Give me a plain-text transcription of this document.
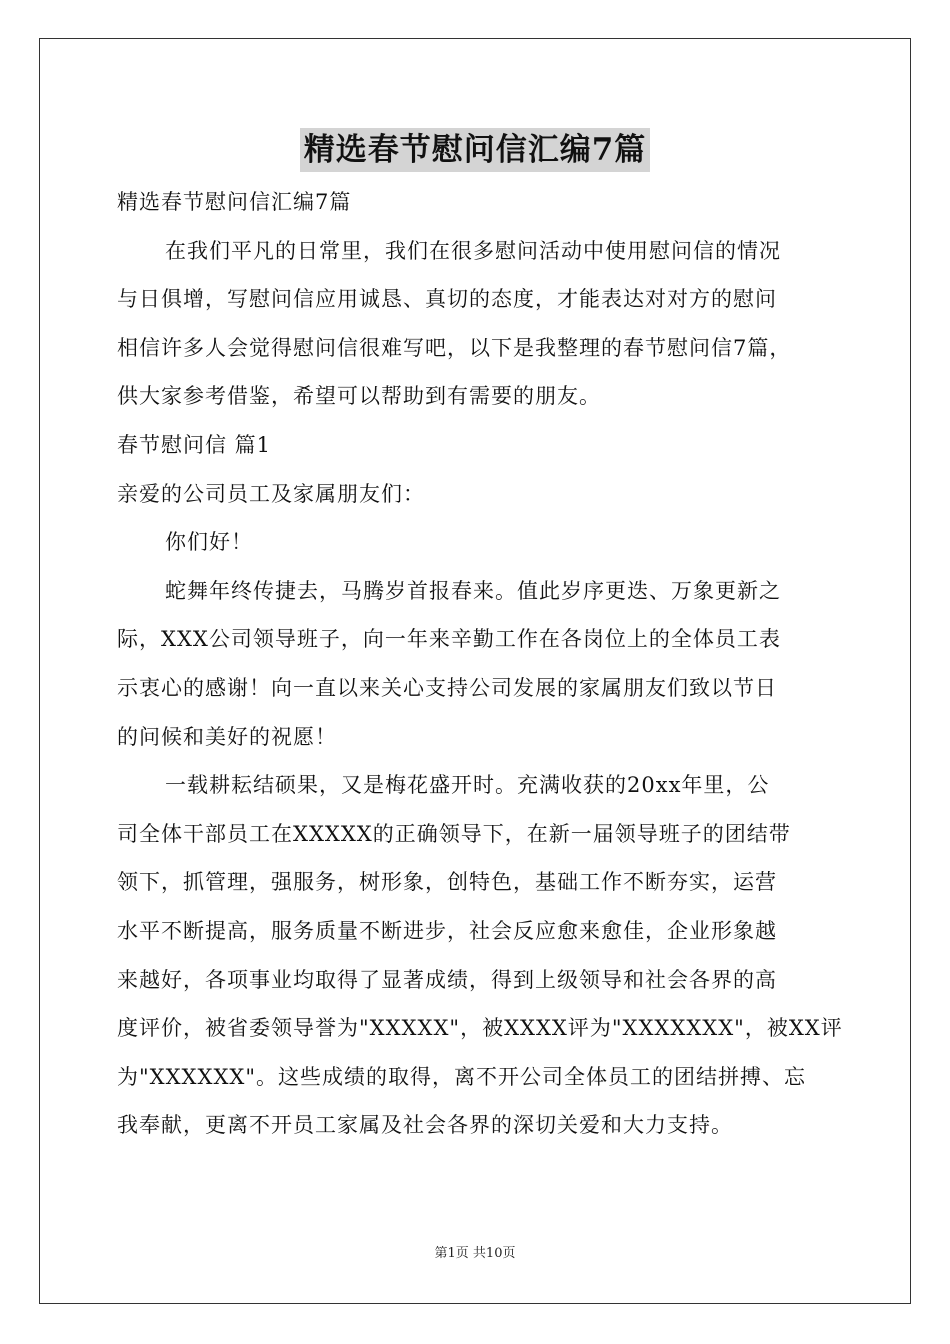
精选春节慰问信汇编7篇
精选春节慰问信汇编7篇
在我们平凡的日常里，我们在很多慰问活动中使用慰问信的情况
与日俱增，写慰问信应用诚恳、真切的态度，才能表达对对方的慰问
相信许多人会觉得慰问信很难写吧，以下是我整理的春节慰问信7篇，
供大家参考借鉴，希望可以帮助到有需要的朋友。
春节慰问信 篇1
亲爱的公司员工及家属朋友们：
你们好！
蛇舞年终传捷去，马腾岁首报春来。值此岁序更迭、万象更新之
际，XXX公司领导班子，向一年来辛勤工作在各岗位上的全体员工表
示衷心的感谢！向一直以来关心支持公司发展的家属朋友们致以节日
的问候和美好的祝愿！
一载耕耘结硕果，又是梅花盛开时。充满收获的20xx年里，公
司全体干部员工在XXXXX的正确领导下，在新一届领导班子的团结带
领下，抓管理，强服务，树形象，创特色，基础工作不断夯实，运营
水平不断提高，服务质量不断进步，社会反应愈来愈佳，企业形象越
来越好，各项事业均取得了显著成绩，得到上级领导和社会各界的高
度评价，被省委领导誉为"XXXXX"，被XXXX评为"XXXXXXX"，被XX评
为"XXXXXX"。这些成绩的取得，离不开公司全体员工的团结拼搏、忘
我奉献，更离不开员工家属及社会各界的深切关爱和大力支持。
第1页 共10页
